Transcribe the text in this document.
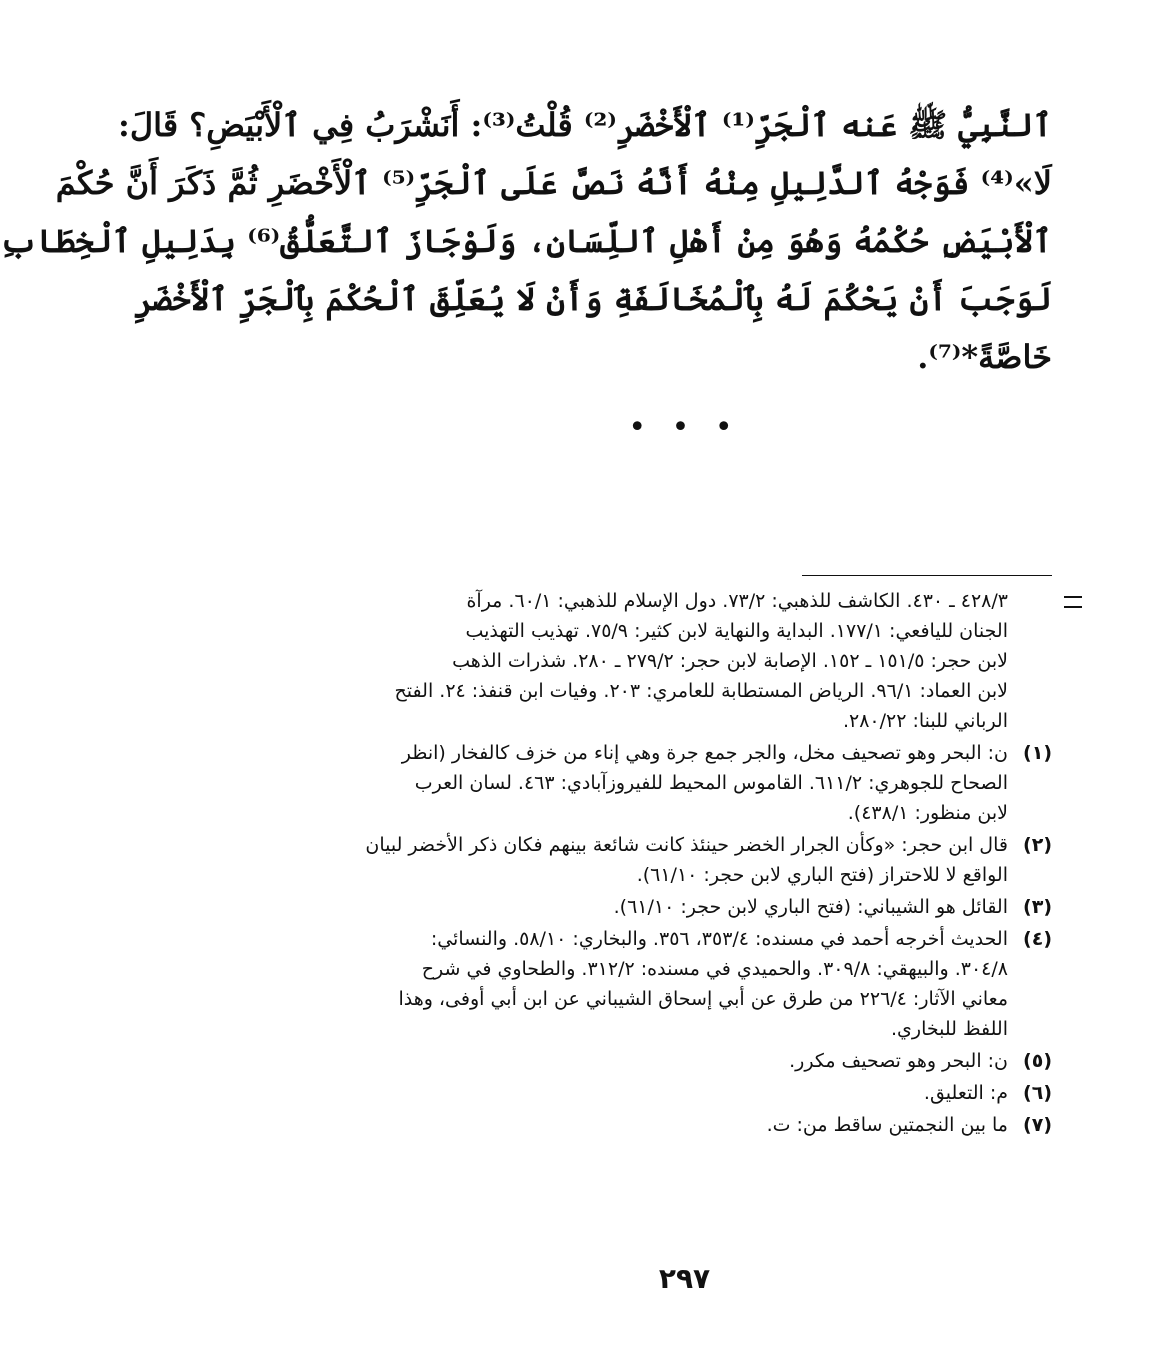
ٱلنَّبِيُّ ﷺ عَنه ٱلْجَرِّ⁽¹⁾ ٱلْأَخْضَرِ⁽²⁾ قُلْتُ⁽³⁾: أَنَشْرَبُ فِي ٱلْأَبْيَضِ؟ قَالَ:
لَا»⁽⁴⁾ فَوَجْهُ ٱلدَّلِيلِ مِنْهُ أَنَّهُ نَصَّ عَلَى ٱلْجَرِّ⁽⁵⁾ ٱلْأَخْضَرِ ثُمَّ ذَكَرَ أَنَّ حُكْمَ
ٱلْأَبْيَضِ حُكْمُهُ وَهُوَ مِنْ أَهْلِ ٱللِّسَانِ، وَلَوْجَازَ ٱلتَّعَلُّقُ⁽⁶⁾ بِدَلِيلِ ٱلْخِطَابِ
لَوَجَبَ أَنْ يَحْكُمَ لَهُ بِٱلْمُخَالَفَةِ وَأَنْ لَا يُعَلِّقَ ٱلْحُكْمَ بِٱلْجَرِّ ٱلْأَخْضَرِ
خَاصَّةً*⁽⁷⁾.
• • •
٤٢٨/٣ ـ ٤٣٠. الكاشف للذهبي: ٧٣/٢. دول الإسلام للذهبي: ٦٠/١. مرآة
الجنان لليافعي: ١٧٧/١. البداية والنهاية لابن كثير: ٧٥/٩. تهذيب التهذيب
لابن حجر: ١٥١/٥ ـ ١٥٢. الإصابة لابن حجر: ٢٧٩/٢ ـ ٢٨٠. شذرات الذهب
لابن العماد: ٩٦/١. الرياض المستطابة للعامري: ٢٠٣. وفيات ابن قنفذ: ٢٤. الفتح
الرباني للبنا: ٢٨٠/٢٢.
(١)
ن: البحر وهو تصحيف مخل، والجر جمع جرة وهي إناء من خزف كالفخار (انظر
الصحاح للجوهري: ٦١١/٢. القاموس المحيط للفيروزآبادي: ٤٦٣. لسان العرب
لابن منظور: ٤٣٨/١).
(٢)
قال ابن حجر: «وكأن الجرار الخضر حينئذ كانت شائعة بينهم فكان ذكر الأخضر لبيان
الواقع لا للاحتراز (فتح الباري لابن حجر: ٦١/١٠).
(٣)
القائل هو الشيباني: (فتح الباري لابن حجر: ٦١/١٠).
(٤)
الحديث أخرجه أحمد في مسنده: ٣٥٣/٤، ٣٥٦. والبخاري: ٥٨/١٠. والنسائي:
٣٠٤/٨. والبيهقي: ٣٠٩/٨. والحميدي في مسنده: ٣١٢/٢. والطحاوي في شرح
معاني الآثار: ٢٢٦/٤ من طرق عن أبي إسحاق الشيباني عن ابن أبي أوفى، وهذا
اللفظ للبخاري.
(٥)
ن: البحر وهو تصحيف مكرر.
(٦)
م: التعليق.
(٧)
ما بين النجمتين ساقط من: ت.
٢٩٧
